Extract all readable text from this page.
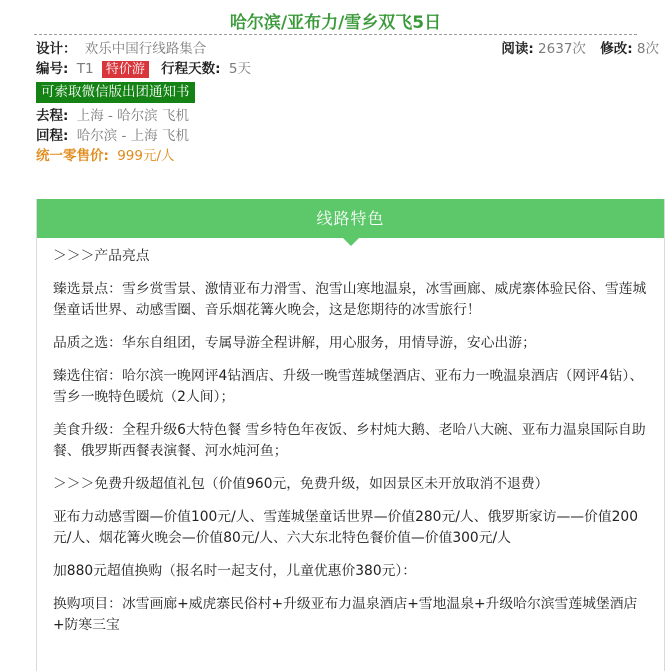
哈尔滨/亚布力/雪乡双飞5日
阅读: 2637次 修改: 8次
设计： 欢乐中国行线路集合
编号: T1 特价游 行程天数: 5天
可索取微信版出团通知书
去程: 上海 - 哈尔滨 飞机
回程: 哈尔滨 - 上海 飞机
统一零售价: 999元/人
线路特色

＞＞＞产品亮点

臻选景点：雪乡赏雪景、激情亚布力滑雪、泡雪山寒地温泉，冰雪画廊、威虎寨体验民俗、雪莲城堡童话世界、动感雪圈、音乐烟花篝火晚会，这是您期待的冰雪旅行！

品质之选：华东自组团，专属导游全程讲解，用心服务，用情导游，安心出游；

臻选住宿：哈尔滨一晚网评4钻酒店、升级一晚雪莲城堡酒店、亚布力一晚温泉酒店（网评4钻）、雪乡一晚特色暖炕（2人间）；

美食升级：全程升级6大特色餐 雪乡特色年夜饭、乡村炖大鹅、老哈八大碗、亚布力温泉国际自助餐、俄罗斯西餐表演餐、河水炖河鱼；

＞＞＞免费升级超值礼包（价值960元，免费升级，如因景区未开放取消不退费）

亚布力动感雪圈—价值100元/人、雪莲城堡童话世界—价值280元/人、俄罗斯家访——价值200元/人、烟花篝火晚会—价值80元/人、六大东北特色餐价值—价值300元/人

加880元超值换购（报名时一起支付，儿童优惠价380元）：

换购项目：冰雪画廊+威虎寨民俗村+升级亚布力温泉酒店+雪地温泉+升级哈尔滨雪莲城堡酒店+防寒三宝
